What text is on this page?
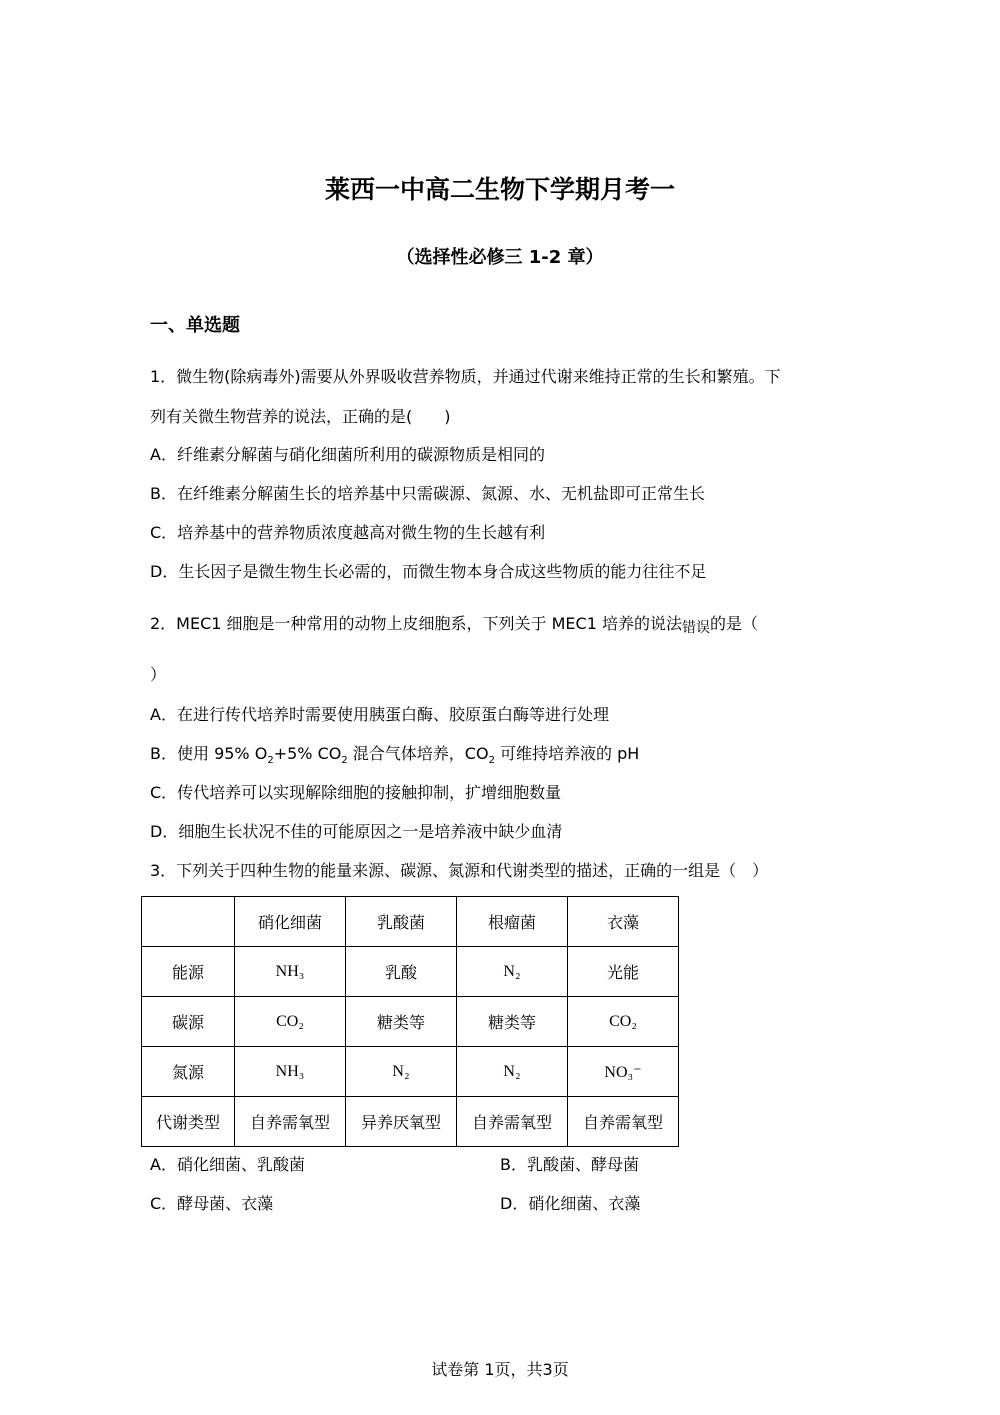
莱西一中高二生物下学期月考一
（选择性必修三 1-2 章）
一、单选题
1．微生物(除病毒外)需要从外界吸收营养物质，并通过代谢来维持正常的生长和繁殖。下
列有关微生物营养的说法，正确的是(　　)
A．纤维素分解菌与硝化细菌所利用的碳源物质是相同的
B．在纤维素分解菌生长的培养基中只需碳源、氮源、水、无机盐即可正常生长
C．培养基中的营养物质浓度越高对微生物的生长越有利
D．生长因子是微生物生长必需的，而微生物本身合成这些物质的能力往往不足
2．MEC1 细胞是一种常用的动物上皮细胞系，下列关于 MEC1 培养的说法错误的是（
）
A．在进行传代培养时需要使用胰蛋白酶、胶原蛋白酶等进行处理
B．使用 95% $O_2+5\%$ $CO_2$ 混合气体培养，$CO_2$ 可维持培养液的 pH
C．传代培养可以实现解除细胞的接触抑制，扩增细胞数量
D．细胞生长状况不佳的可能原因之一是培养液中缺少血清
3．下列关于四种生物的能量来源、碳源、氮源和代谢类型的描述，正确的一组是（　）
	硝化细菌	乳酸菌	根瘤菌	衣藻
能源	NH₃	乳酸	N₂	光能
碳源	CO₂	糖类等	糖类等	CO₂
氮源	NH₃	N₂	N₂	NO₃⁻
代谢类型	自养需氧型	异养厌氧型	自养需氧型	自养需氧型
A．硝化细菌、乳酸菌	B．乳酸菌、酵母菌
C．酵母菌、衣藻	D．硝化细菌、衣藻
试卷第 1页，共3页
